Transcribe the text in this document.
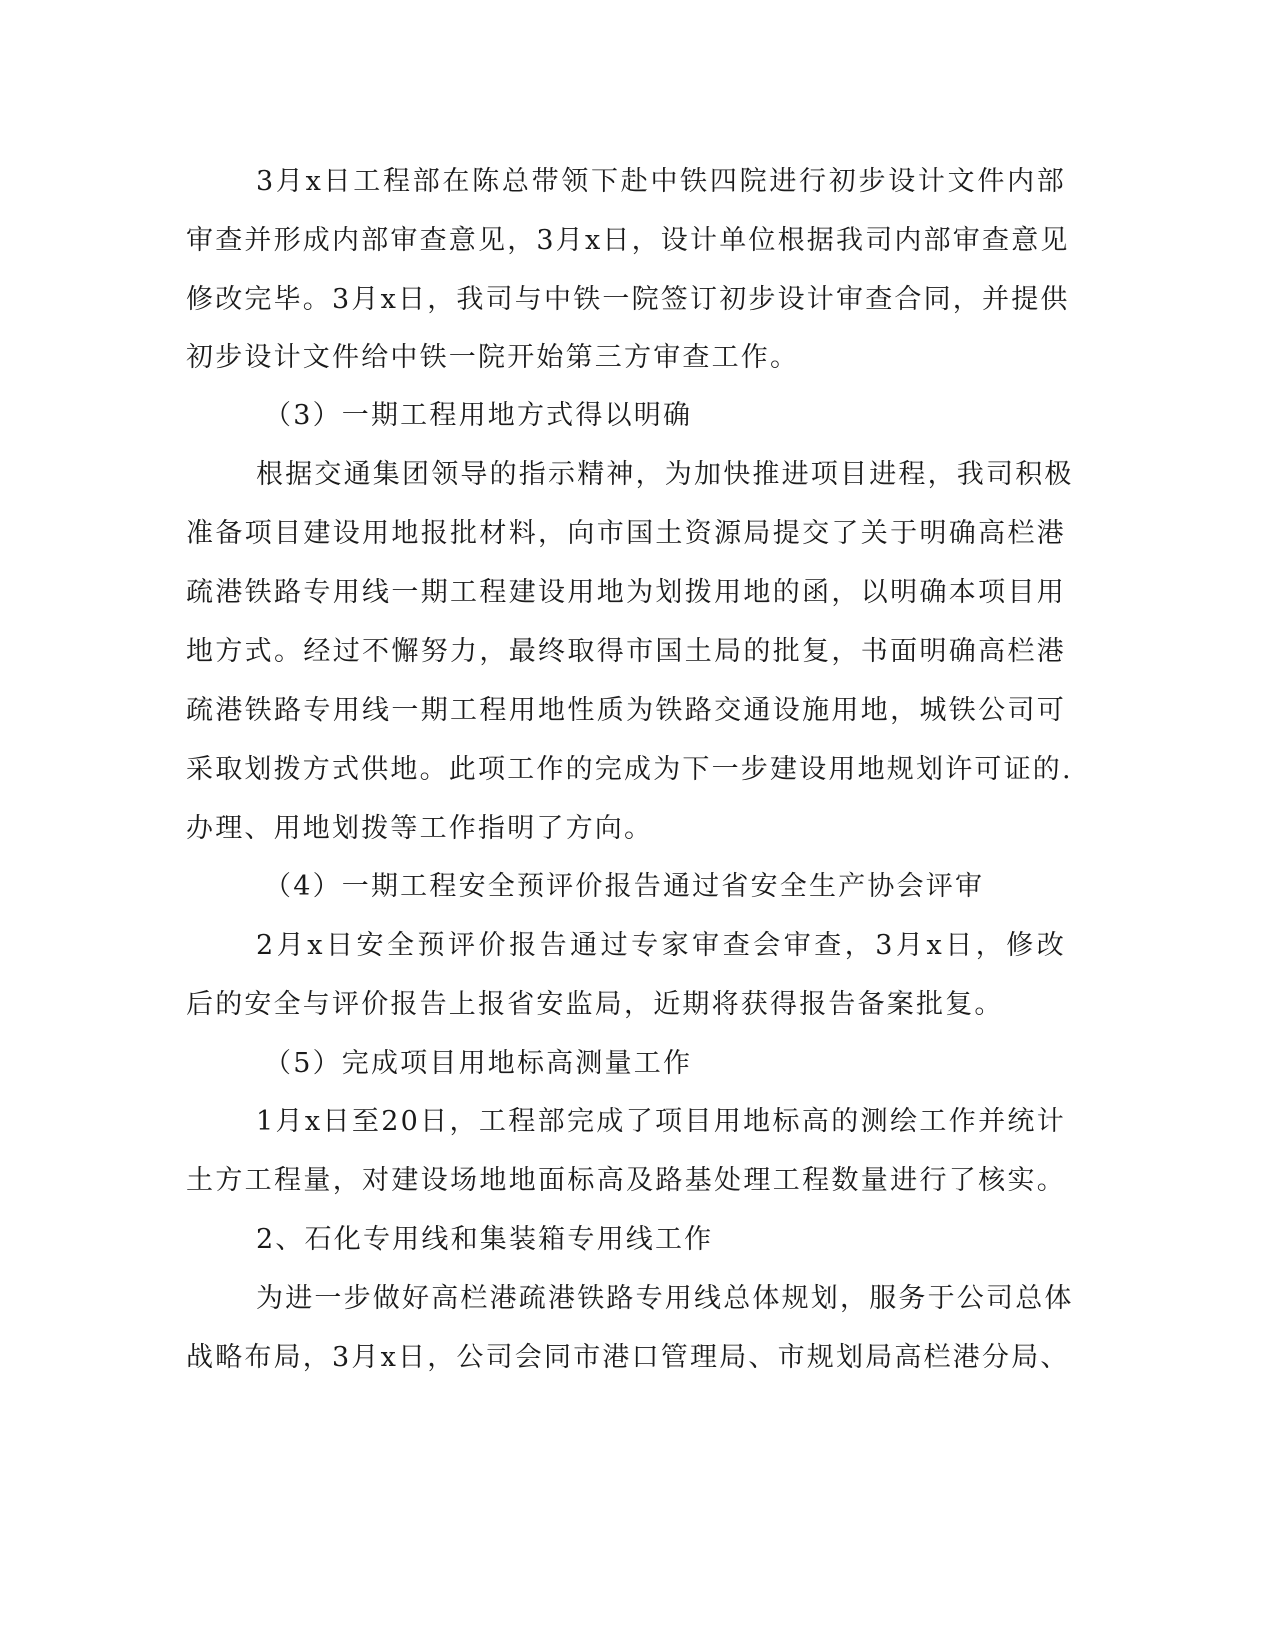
3月x日工程部在陈总带领下赴中铁四院进行初步设计文件内部
审查并形成内部审查意见，3月x日，设计单位根据我司内部审查意见
修改完毕。3月x日，我司与中铁一院签订初步设计审查合同，并提供
初步设计文件给中铁一院开始第三方审查工作。
（3）一期工程用地方式得以明确
根据交通集团领导的指示精神，为加快推进项目进程，我司积极
准备项目建设用地报批材料，向市国土资源局提交了关于明确高栏港
疏港铁路专用线一期工程建设用地为划拨用地的函，以明确本项目用
地方式。经过不懈努力，最终取得市国土局的批复，书面明确高栏港
疏港铁路专用线一期工程用地性质为铁路交通设施用地，城铁公司可
采取划拨方式供地。此项工作的完成为下一步建设用地规划许可证的.
办理、用地划拨等工作指明了方向。
（4）一期工程安全预评价报告通过省安全生产协会评审
2月x日安全预评价报告通过专家审查会审查，3月x日，修改
后的安全与评价报告上报省安监局，近期将获得报告备案批复。
（5）完成项目用地标高测量工作
1月x日至20日，工程部完成了项目用地标高的测绘工作并统计
土方工程量，对建设场地地面标高及路基处理工程数量进行了核实。
2、石化专用线和集装箱专用线工作
为进一步做好高栏港疏港铁路专用线总体规划，服务于公司总体
战略布局，3月x日，公司会同市港口管理局、市规划局高栏港分局、
